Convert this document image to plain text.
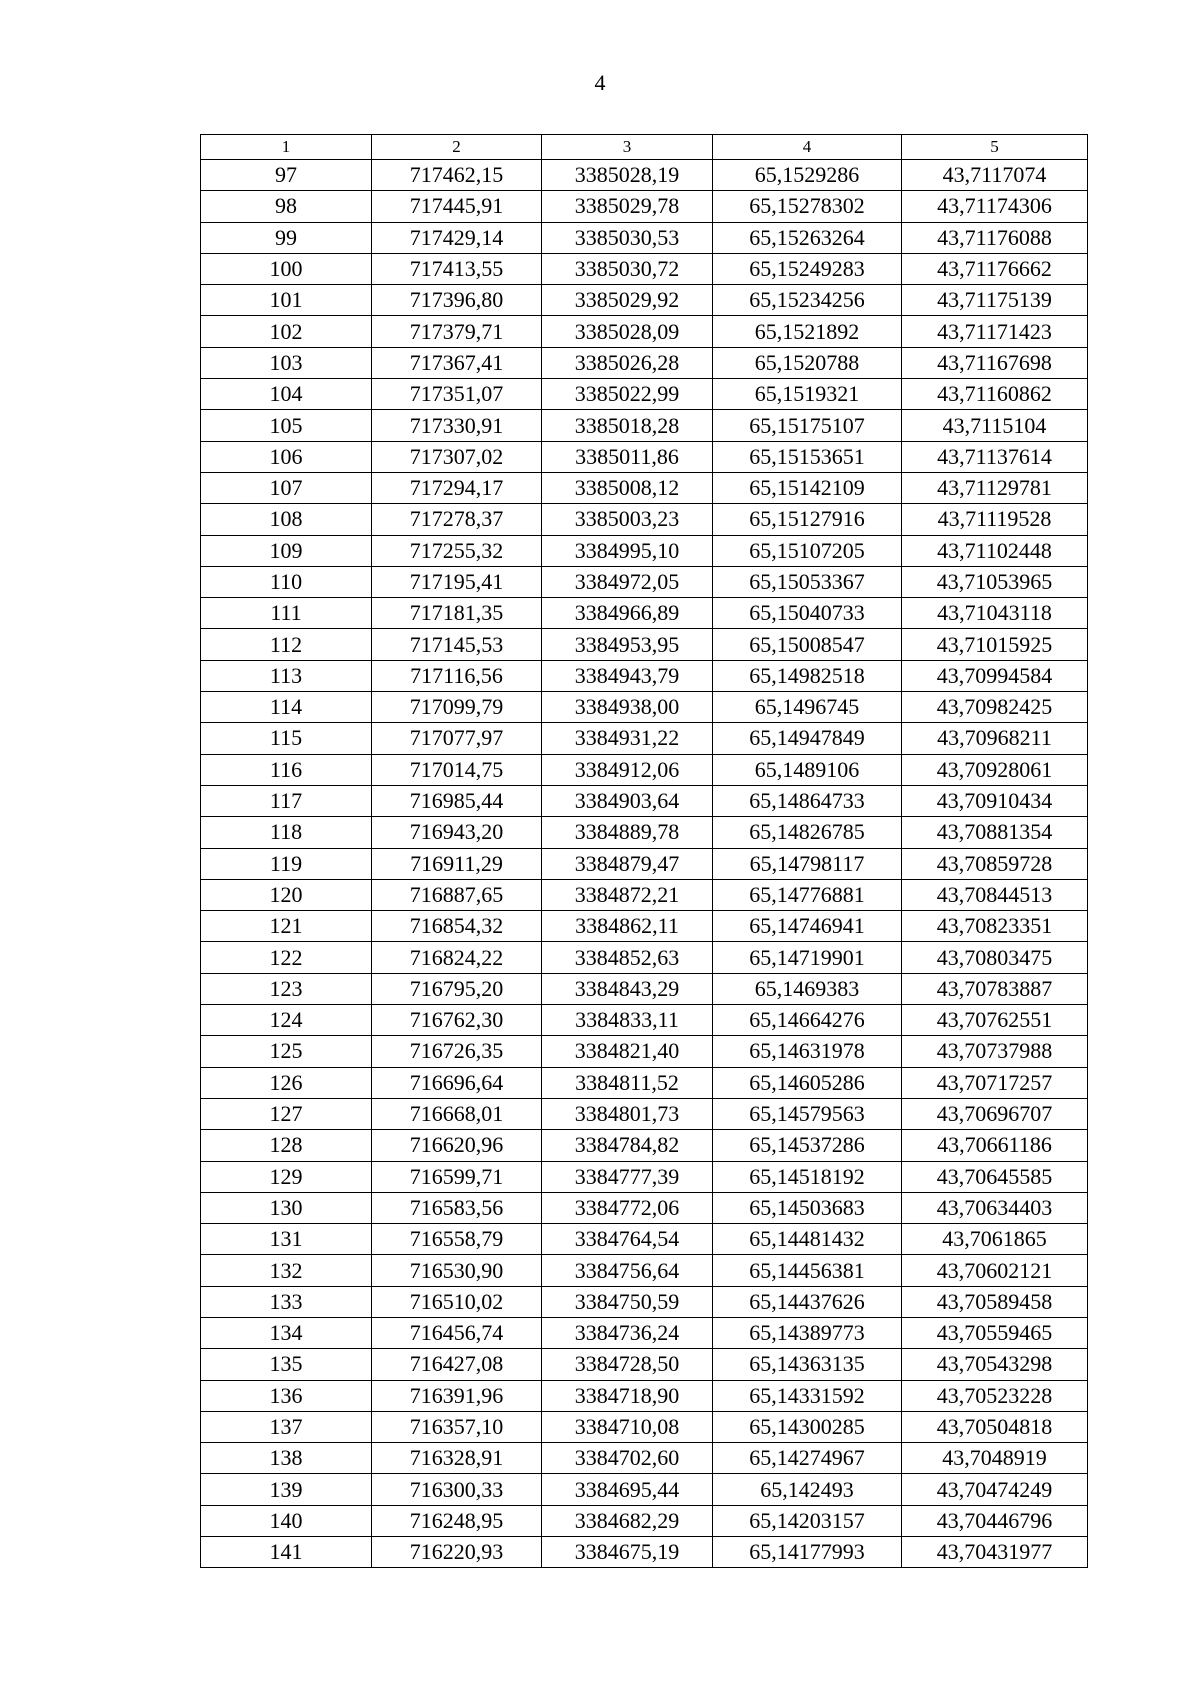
4
1	2	3	4	5
97	717462,15	3385028,19	65,1529286	43,7117074
98	717445,91	3385029,78	65,15278302	43,71174306
99	717429,14	3385030,53	65,15263264	43,71176088
100	717413,55	3385030,72	65,15249283	43,71176662
101	717396,80	3385029,92	65,15234256	43,71175139
102	717379,71	3385028,09	65,1521892	43,71171423
103	717367,41	3385026,28	65,1520788	43,71167698
104	717351,07	3385022,99	65,1519321	43,71160862
105	717330,91	3385018,28	65,15175107	43,7115104
106	717307,02	3385011,86	65,15153651	43,71137614
107	717294,17	3385008,12	65,15142109	43,71129781
108	717278,37	3385003,23	65,15127916	43,71119528
109	717255,32	3384995,10	65,15107205	43,71102448
110	717195,41	3384972,05	65,15053367	43,71053965
111	717181,35	3384966,89	65,15040733	43,71043118
112	717145,53	3384953,95	65,15008547	43,71015925
113	717116,56	3384943,79	65,14982518	43,70994584
114	717099,79	3384938,00	65,1496745	43,70982425
115	717077,97	3384931,22	65,14947849	43,70968211
116	717014,75	3384912,06	65,1489106	43,70928061
117	716985,44	3384903,64	65,14864733	43,70910434
118	716943,20	3384889,78	65,14826785	43,70881354
119	716911,29	3384879,47	65,14798117	43,70859728
120	716887,65	3384872,21	65,14776881	43,70844513
121	716854,32	3384862,11	65,14746941	43,70823351
122	716824,22	3384852,63	65,14719901	43,70803475
123	716795,20	3384843,29	65,1469383	43,70783887
124	716762,30	3384833,11	65,14664276	43,70762551
125	716726,35	3384821,40	65,14631978	43,70737988
126	716696,64	3384811,52	65,14605286	43,70717257
127	716668,01	3384801,73	65,14579563	43,70696707
128	716620,96	3384784,82	65,14537286	43,70661186
129	716599,71	3384777,39	65,14518192	43,70645585
130	716583,56	3384772,06	65,14503683	43,70634403
131	716558,79	3384764,54	65,14481432	43,7061865
132	716530,90	3384756,64	65,14456381	43,70602121
133	716510,02	3384750,59	65,14437626	43,70589458
134	716456,74	3384736,24	65,14389773	43,70559465
135	716427,08	3384728,50	65,14363135	43,70543298
136	716391,96	3384718,90	65,14331592	43,70523228
137	716357,10	3384710,08	65,14300285	43,70504818
138	716328,91	3384702,60	65,14274967	43,7048919
139	716300,33	3384695,44	65,142493	43,70474249
140	716248,95	3384682,29	65,14203157	43,70446796
141	716220,93	3384675,19	65,14177993	43,70431977
